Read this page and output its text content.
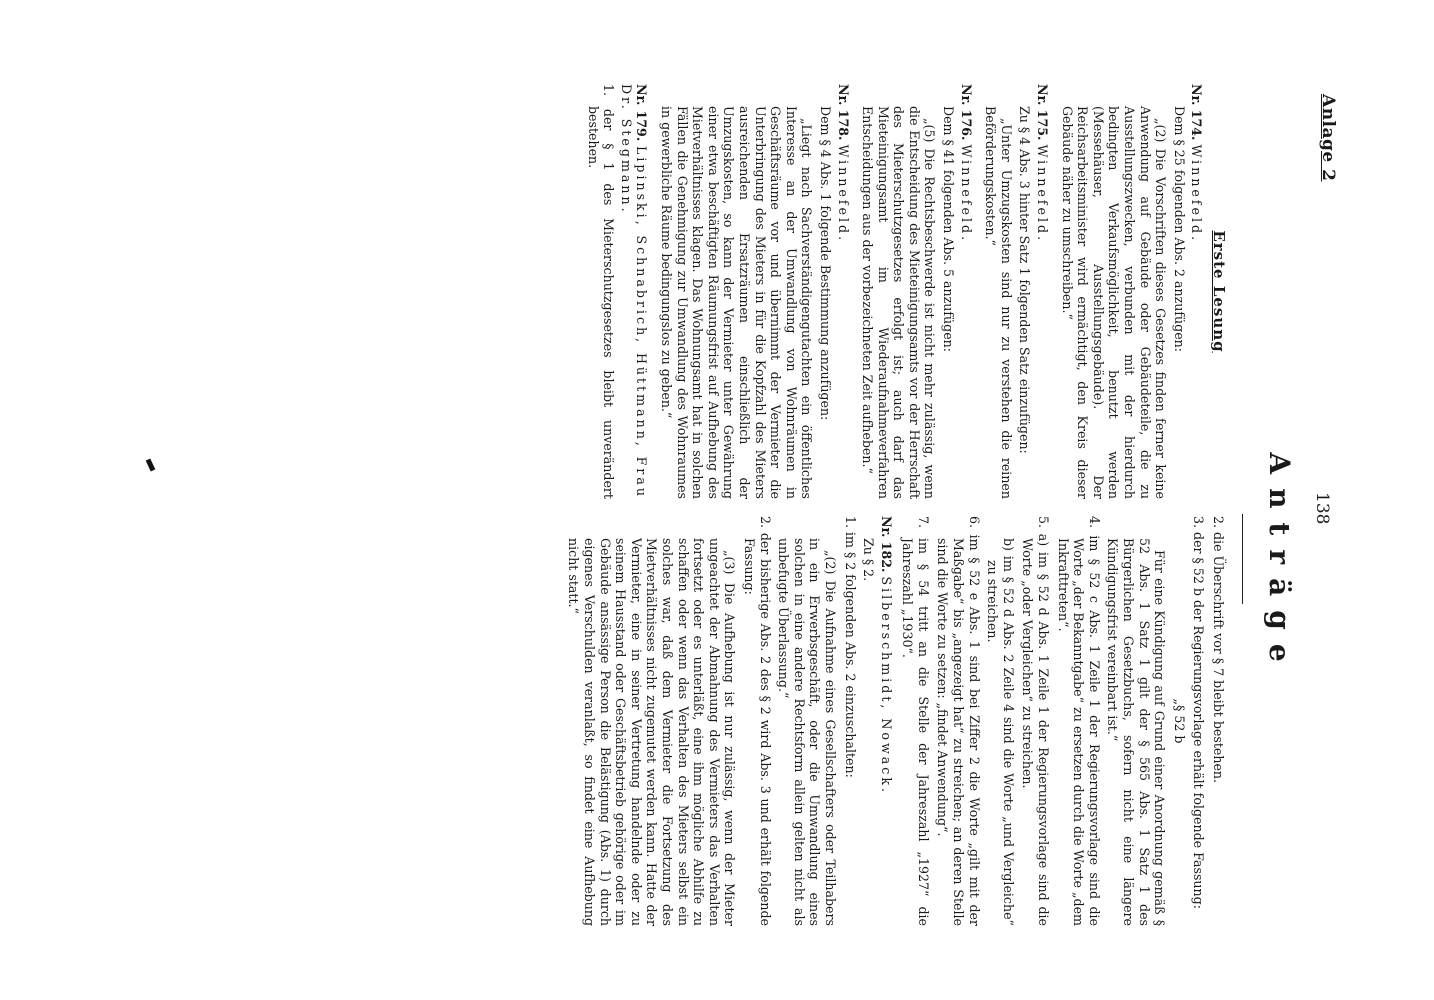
Anlage 2
138
Anträge
Erste Lesung

Nr. 174. Winnefeld.

Dem § 25 folgenden Abs. 2 anzufügen:

„(2) Die Vorschriften dieses Gesetzes finden ferner keine Anwendung auf Gebäude oder Gebäudeteile, die zu Ausstellungszwecken, verbunden mit der hierdurch bedingten Verkaufsmöglichkeit, benutzt werden (Messehäuser, Ausstellungsgebäude). Der Reichsarbeitsminister wird ermächtigt, den Kreis dieser Gebäude näher zu umschreiben.“

Nr. 175. Winnefeld.

Zu § 4 Abs. 3 hinter Satz 1 folgenden Satz einzufügen:

„Unter Umzugskosten sind nur zu verstehen die reinen Beförderungskosten.“

Nr. 176. Winnefeld.

Dem § 41 folgenden Abs. 5 anzufügen:

„(5) Die Rechtsbeschwerde ist nicht mehr zulässig, wenn die Entscheidung des Mieteinigungsamts vor der Herrschaft des Mieterschutzgesetzes erfolgt ist; auch darf das Mieteinigungsamt im Wiederaufnahmeverfahren Entscheidungen aus der vorbezeichneten Zeit aufheben.“

Nr. 178. Winnefeld.

Dem § 4 Abs. 1 folgende Bestimmung anzufügen:

„Liegt nach Sachverständigengutachten ein öffentliches Interesse an der Umwandlung von Wohnräumen in Geschäftsräume vor und übernimmt der Vermieter die Unterbringung des Mieters in für die Kopfzahl des Mieters ausreichenden Ersatzräumen einschließlich der Umzugskosten, so kann der Vermieter unter Gewährung einer etwa beschäftigten Räumungsfrist auf Aufhebung des Mietverhältnisses klagen. Das Wohnungsamt hat in solchen Fällen die Genehmigung zur Umwandlung des Wohnraumes in gewerbliche Räume bedingungslos zu geben.“

Nr. 179. Lipinski, Schnabrich, Hüttmann, Frau Dr. Stegmann.

1. der § 1 des Mieterschutzgesetzes bleibt unverändert bestehen.

2. die Überschrift vor § 7 bleibt bestehen.

3. der § 52 b der Regierungsvorlage erhält folgende Fassung:

„§ 52 b

Für eine Kündigung auf Grund einer Anordnung gemäß § 52 Abs. 1 Satz 1 gilt der § 565 Abs. 1 Satz 1 des Bürgerlichen Gesetzbuchs, sofern nicht eine längere Kündigungsfrist vereinbart ist.“

4. im § 52 c Abs. 1 Zeile 1 der Regierungsvorlage sind die Worte „der Bekanntgabe“ zu ersetzen durch die Worte „dem Inkrafttreten“.

5. a) im § 52 d Abs. 1 Zeile 1 der Regierungsvorlage sind die Worte „oder Vergleichen“ zu streichen.

b) im § 52 d Abs. 2 Zeile 4 sind die Worte „und Vergleiche“ zu streichen.

6. im § 52 e Abs. 1 sind bei Ziffer 2 die Worte „gilt mit der Maßgabe“ bis „angezeigt hat“ zu streichen; an deren Stelle sind die Worte zu setzen: „findet Anwendung“.

7. im § 54 tritt an die Stelle der Jahreszahl „1927“ die Jahreszahl „1930“.

Nr. 182. Silberschmidt, Nowack.

Zu § 2.

1. im § 2 folgenden Abs. 2 einzuschalten:

„(2) Die Aufnahme eines Gesellschafters oder Teilhabers in ein Erwerbsgeschäft, oder die Umwandlung eines solchen in eine andere Rechtsform allein gelten nicht als unbefugte Überlassung.“

2. der bisherige Abs. 2 des § 2 wird Abs. 3 und erhält folgende Fassung:

„(3) Die Aufhebung ist nur zulässig, wenn der Mieter ungeachtet der Abmahnung des Vermieters das Verhalten fortsetzt oder es unterläßt, eine ihm mögliche Abhilfe zu schaffen oder wenn das Verhalten des Mieters selbst ein solches war, daß dem Vermieter die Fortsetzung des Mietverhältnisses nicht zugemutet werden kann. Hatte der Vermieter, eine in seiner Vertretung handelnde oder zu seinem Hausstand oder Geschäftsbetrieb gehörige oder im Gebäude ansässige Person die Belästigung (Abs. 1) durch eigenes Verschulden veranlaßt, so findet eine Aufhebung nicht statt.“
